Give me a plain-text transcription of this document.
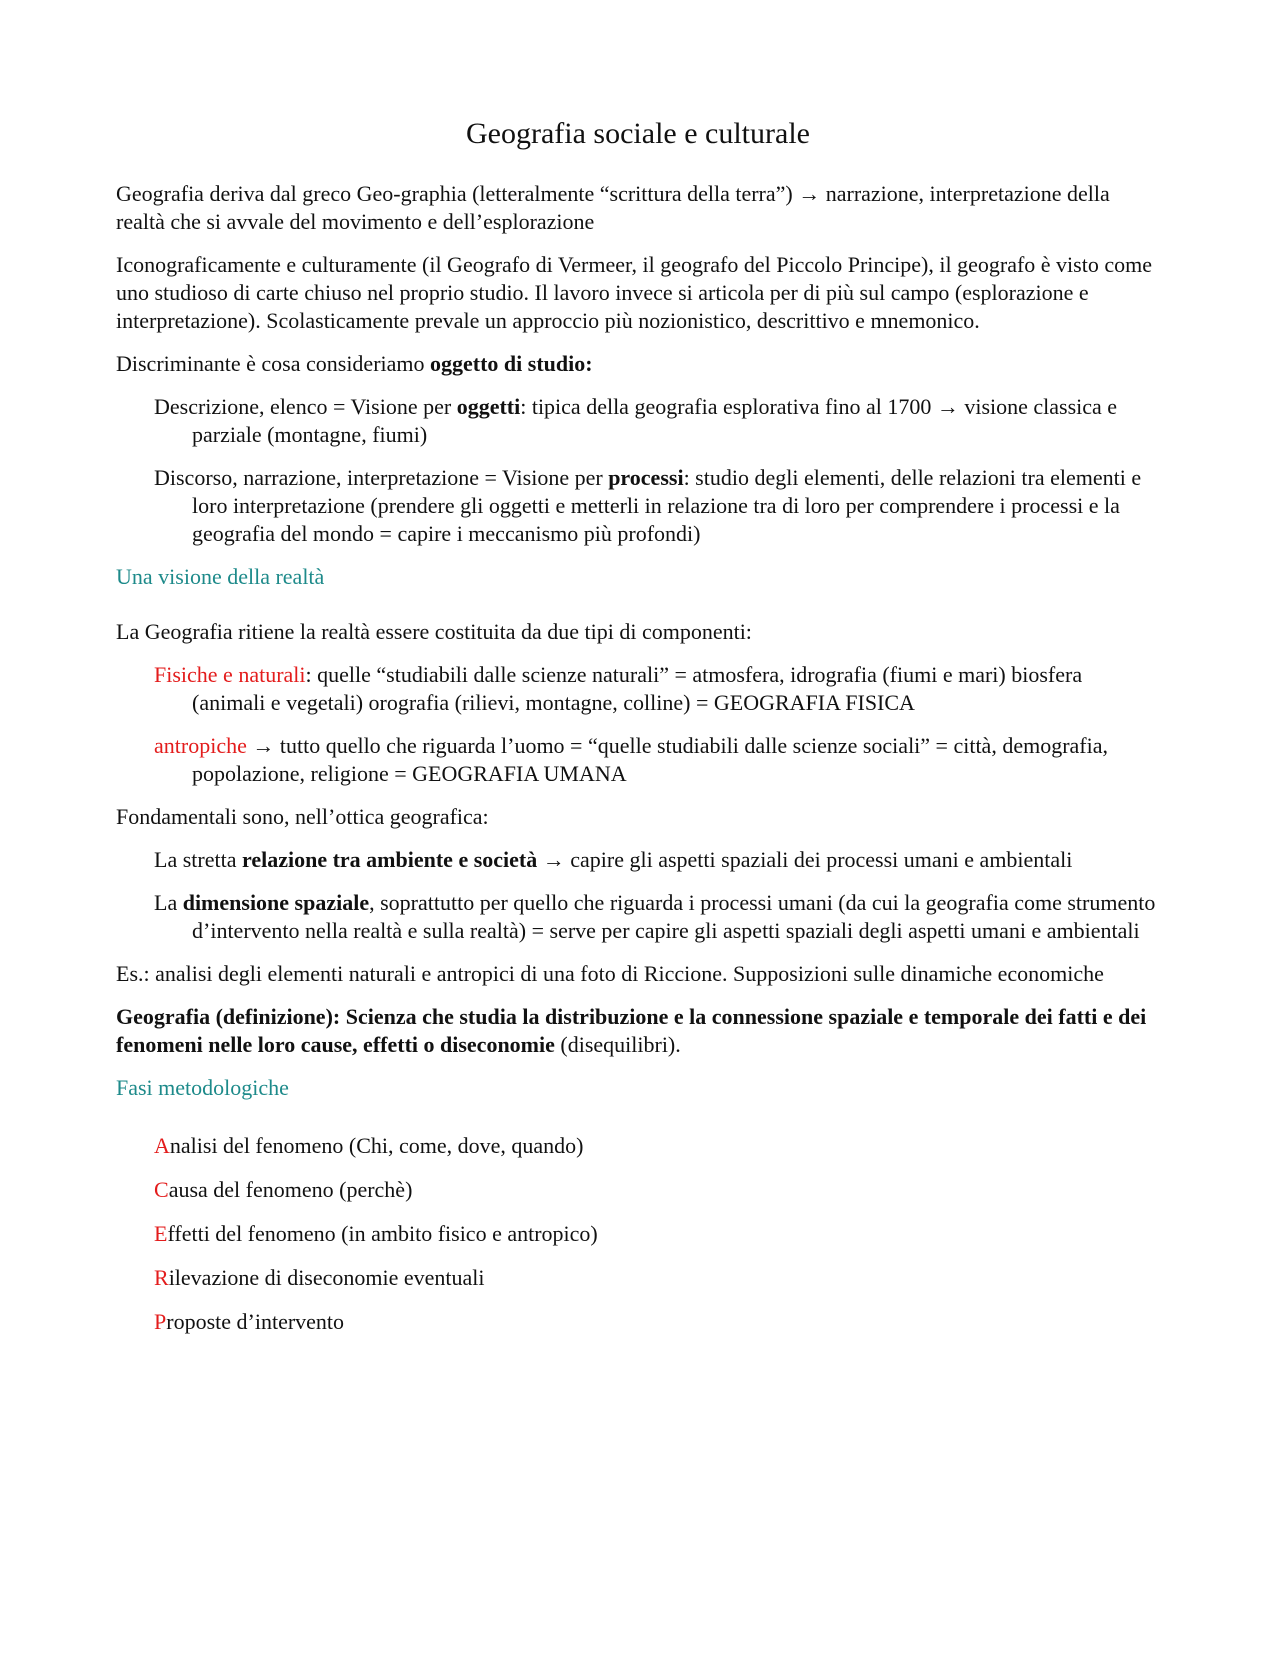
Geografia sociale e culturale

Geografia deriva dal greco Geo-graphia (letteralmente “scrittura della terra”) → narrazione, interpretazione della realtà che si avvale del movimento e dell’esplorazione

Iconograficamente e culturamente (il Geografo di Vermeer, il geografo del Piccolo Principe), il geografo è visto come uno studioso di carte chiuso nel proprio studio. Il lavoro invece si articola per di più sul campo (esplorazione e interpretazione). Scolasticamente prevale un approccio più nozionistico, descrittivo e mnemonico.

Discriminante è cosa consideriamo oggetto di studio:

Descrizione, elenco = Visione per oggetti: tipica della geografia esplorativa fino al 1700 → visione classica e parziale (montagne, fiumi)

Discorso, narrazione, interpretazione = Visione per processi: studio degli elementi, delle relazioni tra elementi e loro interpretazione (prendere gli oggetti e metterli in relazione tra di loro per comprendere i processi e la geografia del mondo = capire i meccanismo più profondi)

Una visione della realtà

La Geografia ritiene la realtà essere costituita da due tipi di componenti:

Fisiche e naturali: quelle “studiabili dalle scienze naturali” = atmosfera, idrografia (fiumi e mari) biosfera (animali e vegetali) orografia (rilievi, montagne, colline) = GEOGRAFIA FISICA

antropiche → tutto quello che riguarda l’uomo = “quelle studiabili dalle scienze sociali” = città, demografia, popolazione, religione = GEOGRAFIA UMANA

Fondamentali sono, nell’ottica geografica:

La stretta relazione tra ambiente e società → capire gli aspetti spaziali dei processi umani e ambientali

La dimensione spaziale, soprattutto per quello che riguarda i processi umani (da cui la geografia come strumento d’intervento nella realtà e sulla realtà) = serve per capire gli aspetti spaziali degli aspetti umani e ambientali

Es.: analisi degli elementi naturali e antropici di una foto di Riccione. Supposizioni sulle dinamiche economiche

Geografia (definizione): Scienza che studia la distribuzione e la connessione spaziale e temporale dei fatti e dei fenomeni nelle loro cause, effetti o diseconomie (disequilibri).

Fasi metodologiche

Analisi del fenomeno (Chi, come, dove, quando)

Causa del fenomeno (perchè)

Effetti del fenomeno (in ambito fisico e antropico)

Rilevazione di diseconomie eventuali

Proposte d’intervento
